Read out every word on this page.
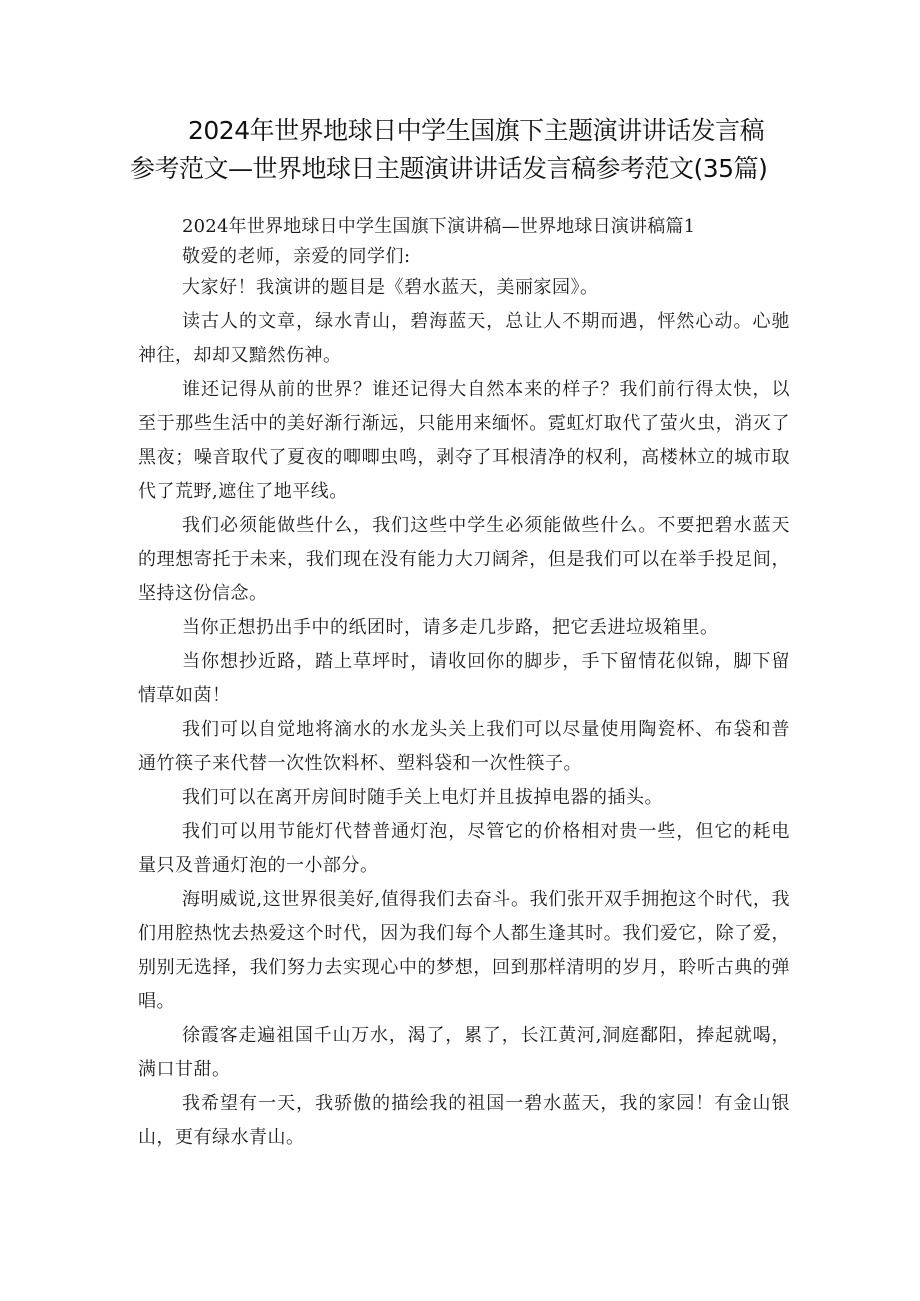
2024年世界地球日中学生国旗下主题演讲讲话发言稿
参考范文—世界地球日主题演讲讲话发言稿参考范文(35篇)

2024年世界地球日中学生国旗下演讲稿—世界地球日演讲稿篇1

敬爱的老师，亲爱的同学们:

大家好！我演讲的题目是《碧水蓝天，美丽家园》。

读古人的文章，绿水青山，碧海蓝天，总让人不期而遇，怦然心动。心驰神往，却却又黯然伤神。

谁还记得从前的世界？谁还记得大自然本来的样子？我们前行得太快，以至于那些生活中的美好渐行渐远，只能用来缅怀。霓虹灯取代了萤火虫，消灭了黑夜；噪音取代了夏夜的唧唧虫鸣，剥夺了耳根清净的权利，高楼林立的城市取代了荒野,遮住了地平线。

我们必须能做些什么，我们这些中学生必须能做些什么。不要把碧水蓝天的理想寄托于未来，我们现在没有能力大刀阔斧，但是我们可以在举手投足间，坚持这份信念。

当你正想扔出手中的纸团时，请多走几步路，把它丢进垃圾箱里。

当你想抄近路，踏上草坪时，请收回你的脚步，手下留情花似锦，脚下留情草如茵！

我们可以自觉地将滴水的水龙头关上我们可以尽量使用陶瓷杯、布袋和普通竹筷子来代替一次性饮料杯、塑料袋和一次性筷子。

我们可以在离开房间时随手关上电灯并且拔掉电器的插头。

我们可以用节能灯代替普通灯泡，尽管它的价格相对贵一些，但它的耗电量只及普通灯泡的一小部分。

海明威说,这世界很美好,值得我们去奋斗。我们张开双手拥抱这个时代，我们用腔热忱去热爱这个时代，因为我们每个人都生逢其时。我们爱它，除了爱，别别无选择，我们努力去实现心中的梦想，回到那样清明的岁月，聆听古典的弹唱。

徐霞客走遍祖国千山万水，渴了，累了，长江黄河,洞庭鄱阳，捧起就喝，满口甘甜。

我希望有一天，我骄傲的描绘我的祖国一碧水蓝天，我的家园！有金山银山，更有绿水青山。
